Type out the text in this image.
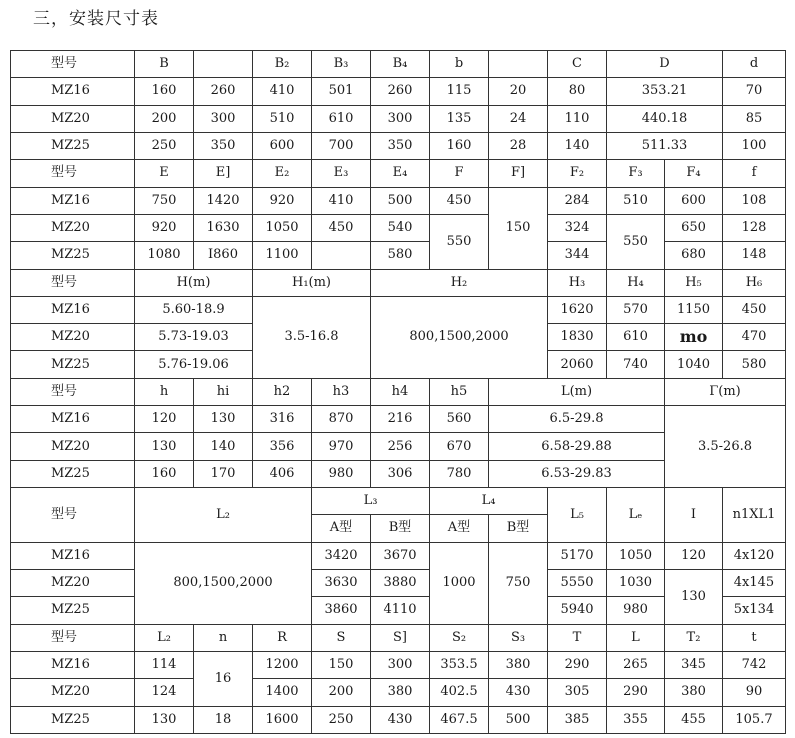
三，安装尺寸表
型号	B		B₂	B₃	B₄	b		C	D		d
MZ16	160	260	410	501	260	115	20	80	353.21		70
MZ20	200	300	510	610	300	135	24	110	440.18		85
MZ25	250	350	600	700	350	160	28	140	511.33		100
型号	E	E]	E₂	E₃	E₄	F	F]	F₂	F₃	F₄	f
MZ16	750	1420	920	410	500	450	150	284	510	600	108
MZ20	920	1630	1050	450	540	550		324	550	650	128
MZ25	1080	I860	1100		580			344		680	148
型号	H(m)		H₁(m)		H₂			H₃	H₄	H₅	H₆
MZ16	5.60-18.9		3.5-16.8		800,1500,2000			1620	570	1150	450
MZ20	5.73-19.03							1830	610	mo	470
MZ25	5.76-19.06							2060	740	1040	580
型号	h	hi	h2	h3	h4	h5	L(m)			Γ(m)	
MZ16	120	130	316	870	216	560	6.5-29.8			3.5-26.8	
MZ20	130	140	356	970	256	670	6.58-29.88				
MZ25	160	170	406	980	306	780	6.53-29.83				
型号	L₂			L₃		L₄		L₅	Lₑ	I	n1XL1
				A型	B型	A型	B型				
MZ16	800,1500,2000			3420	3670	1000	750	5170	1050	120	4x120
MZ20				3630	3880			5550	1030	130	4x145
MZ25				3860	4110			5940	980		5x134
型号	L₂	n	R	S	S]	S₂	S₃	T	L	T₂	t
MZ16	114	16	1200	150	300	353.5	380	290	265	345	742
MZ20	124		1400	200	380	402.5	430	305	290	380	90
MZ25	130	18	1600	250	430	467.5	500	385	355	455	105.7
